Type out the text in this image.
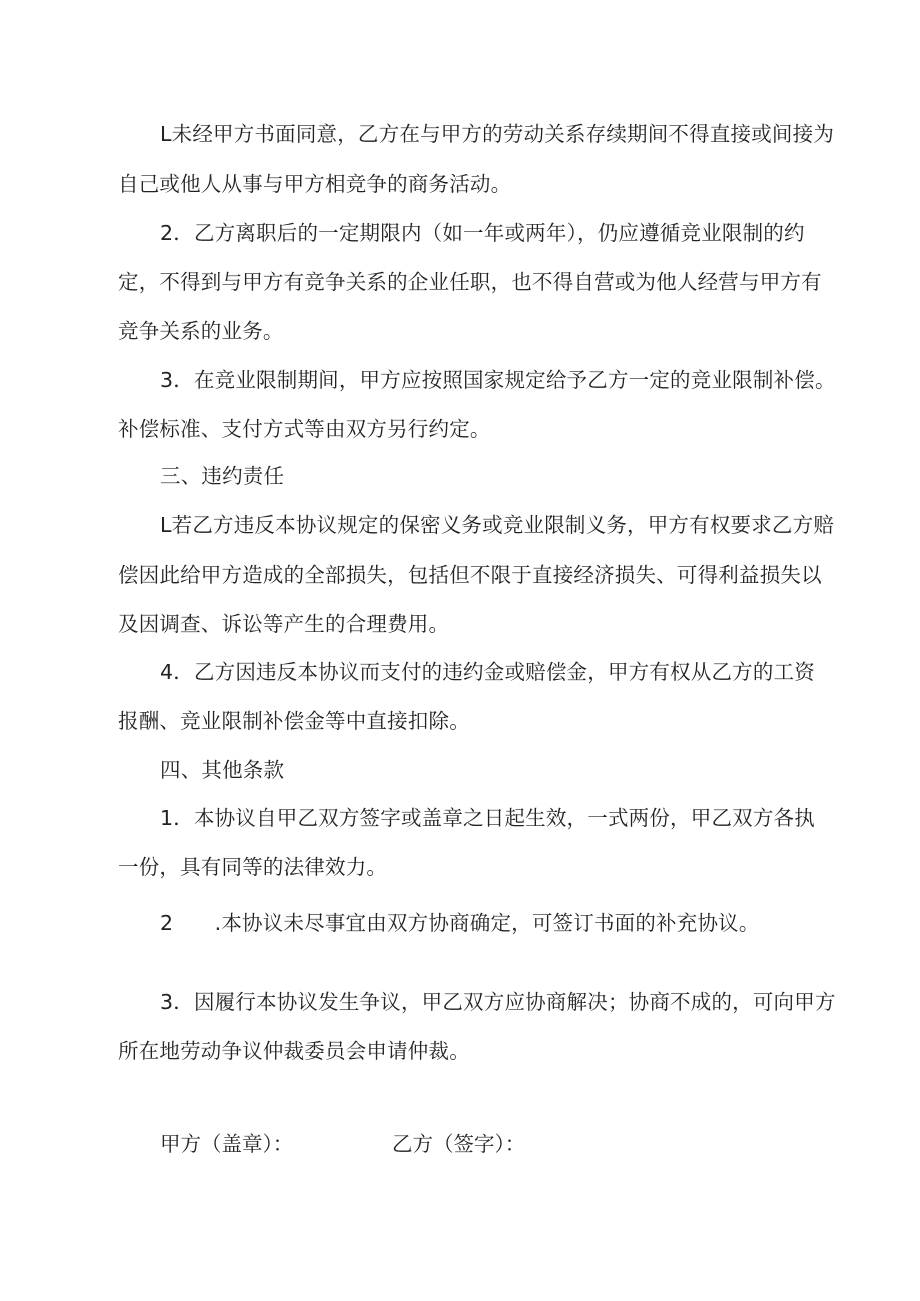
L未经甲方书面同意，乙方在与甲方的劳动关系存续期间不得直接或间接为
自己或他人从事与甲方相竞争的商务活动。
2．乙方离职后的一定期限内（如一年或两年），仍应遵循竞业限制的约
定，不得到与甲方有竞争关系的企业任职，也不得自营或为他人经营与甲方有
竞争关系的业务。
3．在竞业限制期间，甲方应按照国家规定给予乙方一定的竞业限制补偿。
补偿标准、支付方式等由双方另行约定。
三、违约责任
L若乙方违反本协议规定的保密义务或竞业限制义务，甲方有权要求乙方赔
偿因此给甲方造成的全部损失，包括但不限于直接经济损失、可得利益损失以
及因调查、诉讼等产生的合理费用。
4．乙方因违反本协议而支付的违约金或赔偿金，甲方有权从乙方的工资
报酬、竞业限制补偿金等中直接扣除。
四、其他条款
1．本协议自甲乙双方签字或盖章之日起生效，一式两份，甲乙双方各执
一份，具有同等的法律效力。
2　　.本协议未尽事宜由双方协商确定，可签订书面的补充协议。
3．因履行本协议发生争议，甲乙双方应协商解决；协商不成的，可向甲方
所在地劳动争议仲裁委员会申请仲裁。
甲方（盖章）：	乙方（签字）：
